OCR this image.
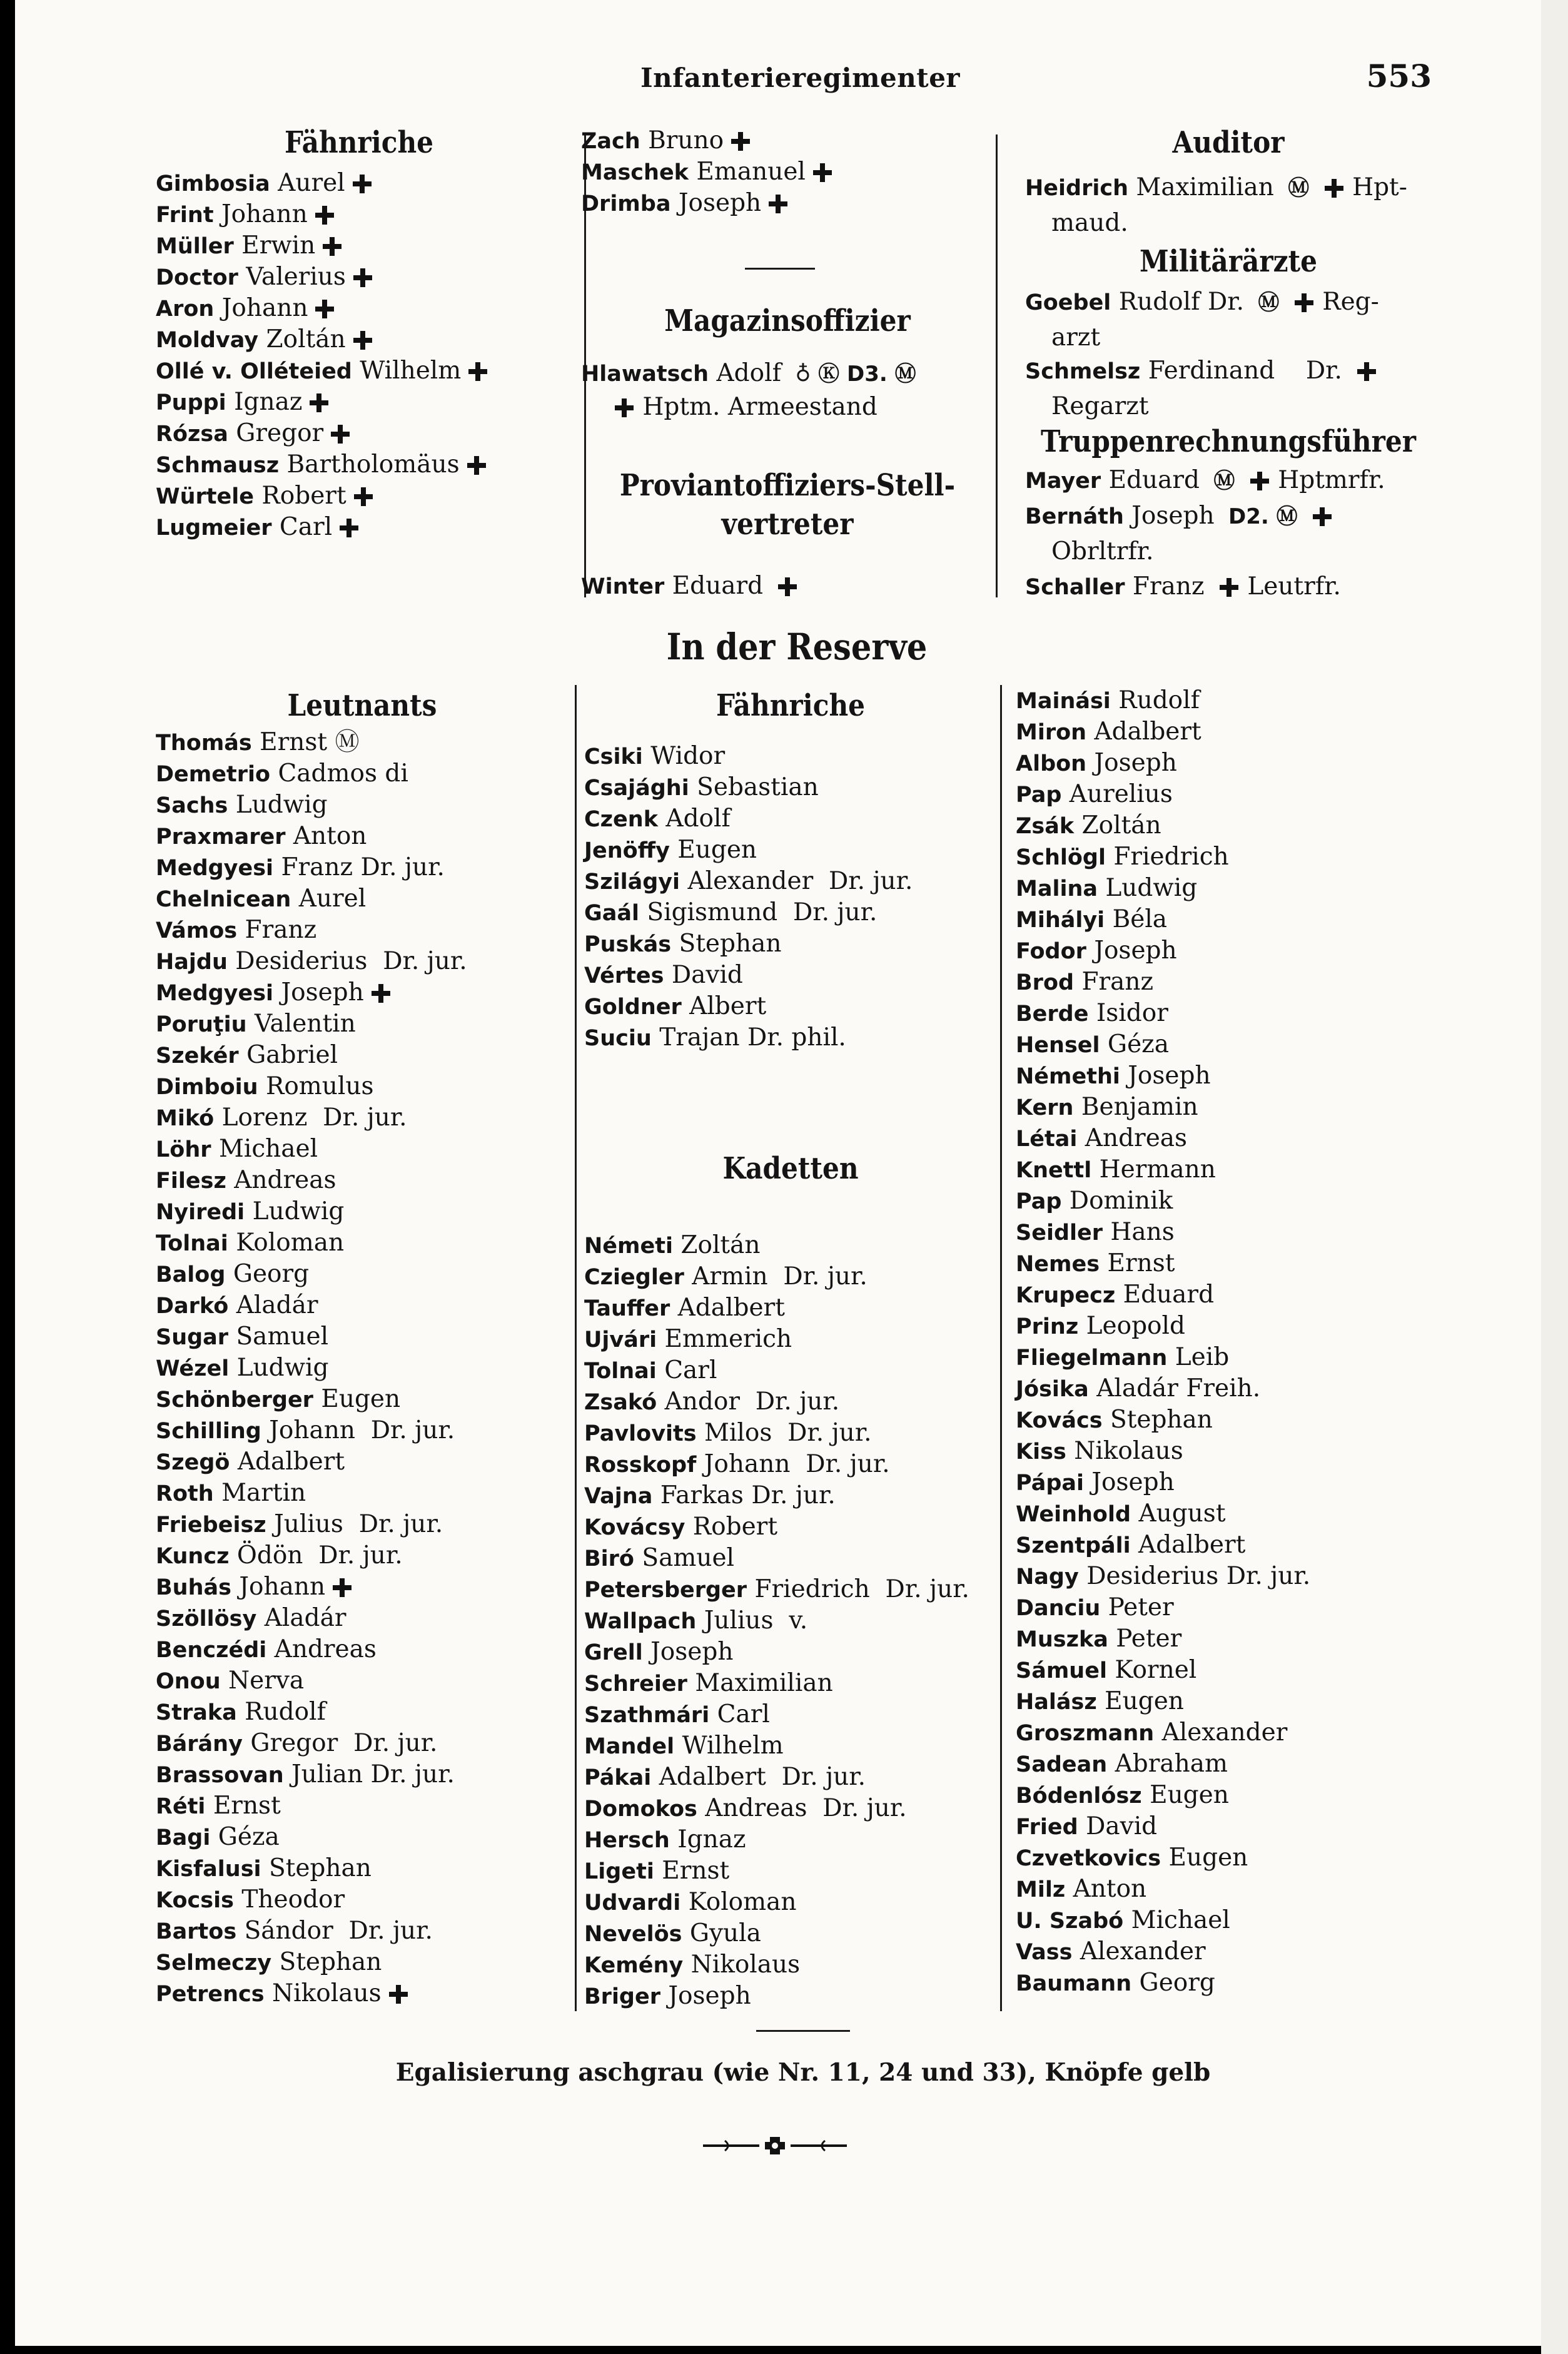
Infanterieregimenter	553
Fähnriche
Gimbosia Aurel
Frint Johann
Müller Erwin
Doctor Valerius
Aron Johann
Moldvay Zoltán
Ollé v. Olléteied Wilhelm
Puppi Ignaz
Rózsa Gregor
Schmausz Bartholomäus
Würtele Robert
Lugmeier Carl
Zach Bruno
Maschek Emanuel
Drimba Joseph
Magazinsoffizier
Hlawatsch Adolf ♁ Ⓚ D3. Ⓜ
Hptm. Armeestand
Proviantoffiziers-Stell-
vertreter
Winter Eduard
Auditor
Heidrich Maximilian Ⓜ Hpt-
maud.
Militärärzte
Goebel Rudolf Dr. Ⓜ Reg-
arzt
Schmelsz Ferdinand    Dr.
Regarzt
Truppenrechnungsführer
Mayer Eduard Ⓜ Hptmrfr.
Bernáth Joseph D2. Ⓜ
Obrltrfr.
Schaller Franz Leutrfr.
In der Reserve
Leutnants
Thomás Ernst Ⓜ
Demetrio Cadmos di
Sachs Ludwig
Praxmarer Anton
Medgyesi Franz Dr. jur.
Chelnicean Aurel
Vámos Franz
Hajdu Desiderius  Dr. jur.
Medgyesi Joseph
Poruţiu Valentin
Szekér Gabriel
Dimboiu Romulus
Mikó Lorenz  Dr. jur.
Löhr Michael
Filesz Andreas
Nyiredi Ludwig
Tolnai Koloman
Balog Georg
Darkó Aladár
Sugar Samuel
Wézel Ludwig
Schönberger Eugen
Schilling Johann  Dr. jur.
Szegö Adalbert
Roth Martin
Friebeisz Julius  Dr. jur.
Kuncz Ödön  Dr. jur.
Buhás Johann
Szöllösy Aladár
Benczédi Andreas
Onou Nerva
Straka Rudolf
Bárány Gregor  Dr. jur.
Brassovan Julian Dr. jur.
Réti Ernst
Bagi Géza
Kisfalusi Stephan
Kocsis Theodor
Bartos Sándor  Dr. jur.
Selmeczy Stephan
Petrencs Nikolaus
Fähnriche
Csiki Widor
Csajághi Sebastian
Czenk Adolf
Jenöffy Eugen
Szilágyi Alexander  Dr. jur.
Gaál Sigismund  Dr. jur.
Puskás Stephan
Vértes David
Goldner Albert
Suciu Trajan Dr. phil.
Kadetten
Németi Zoltán
Cziegler Armin  Dr. jur.
Tauffer Adalbert
Ujvári Emmerich
Tolnai Carl
Zsakó Andor  Dr. jur.
Pavlovits Milos  Dr. jur.
Rosskopf Johann  Dr. jur.
Vajna Farkas Dr. jur.
Kovácsy Robert
Biró Samuel
Petersberger Friedrich  Dr. jur.
Wallpach Julius  v.
Grell Joseph
Schreier Maximilian
Szathmári Carl
Mandel Wilhelm
Pákai Adalbert  Dr. jur.
Domokos Andreas  Dr. jur.
Hersch Ignaz
Ligeti Ernst
Udvardi Koloman
Nevelös Gyula
Kemény Nikolaus
Briger Joseph
Mainási Rudolf
Miron Adalbert
Albon Joseph
Pap Aurelius
Zsák Zoltán
Schlögl Friedrich
Malina Ludwig
Mihályi Béla
Fodor Joseph
Brod Franz
Berde Isidor
Hensel Géza
Némethi Joseph
Kern Benjamin
Létai Andreas
Knettl Hermann
Pap Dominik
Seidler Hans
Nemes Ernst
Krupecz Eduard
Prinz Leopold
Fliegelmann Leib
Jósika Aladár Freih.
Kovács Stephan
Kiss Nikolaus
Pápai Joseph
Weinhold August
Szentpáli Adalbert
Nagy Desiderius Dr. jur.
Danciu Peter
Muszka Peter
Sámuel Kornel
Halász Eugen
Groszmann Alexander
Sadean Abraham
Bódenlósz Eugen
Fried David
Czvetkovics Eugen
Milz Anton
U. Szabó Michael
Vass Alexander
Baumann Georg
Egalisierung aschgrau (wie Nr. 11, 24 und 33), Knöpfe gelb
